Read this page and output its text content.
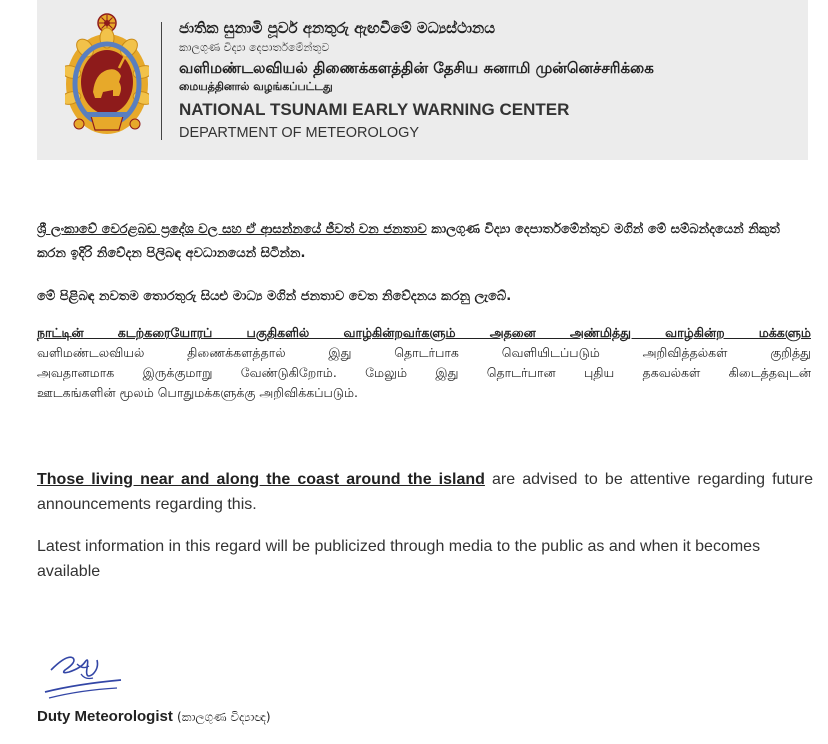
ජාතික සුනාමි පූර්ව අනතුරු ඇඟවීමේ මධ්‍යස්ථානය
කාලගුණ විද්‍යා දෙපාර්තමේන්තුව
வளிமண்டலவியல் திணைக்களத்தின் தேசிய சுனாமி முன்னெச்சரிக்கை
மையத்தினால் வழங்கப்பட்டது
NATIONAL TSUNAMI EARLY WARNING CENTER
DEPARTMENT OF METEOROLOGY
ශ්‍රී ලංකාවේ වෙරළබඩ ප්‍රදේශ වල සහ ඒ ආසන්නයේ ජීවත් වන ජනතාව කාලගුණ විද්‍යා දෙපාර්තමේන්තුව මගින් මේ සම්බන්දයෙන් නිකුත් කරන ඉදිරි නිවේදන පිලිබඳ අවධානයෙන් සිටින්න.
මේ පිළිබඳ නවතම තොරතුරු සියළු මාධ්‍ය මගින් ජනතාව වෙත නිවේදනය කරනු ලැබේ.
நாட்டின் கடற்கரையோரப் பகுதிகளில் வாழ்கின்றவர்களும் அதனை அண்மித்து வாழ்கின்ற மக்களும்
வளிமண்டலவியல் திணைக்களத்தால் இது தொடர்பாக வெளியிடப்படும் அறிவித்தல்கள் குறித்து
அவதானமாக இருக்குமாறு வேண்டுகிறோம். மேலும் இது தொடர்பான புதிய தகவல்கள் கிடைத்தவுடன்
ஊடகங்களின் மூலம் பொதுமக்களுக்கு அறிவிக்கப்படும்.
Those living near and along the coast around the island are advised to be attentive regarding future announcements regarding this.
Latest information in this regard will be publicized through media to the public as and when it becomes available
Duty Meteorologist (කාලගුණ විද්‍යාඥ)
